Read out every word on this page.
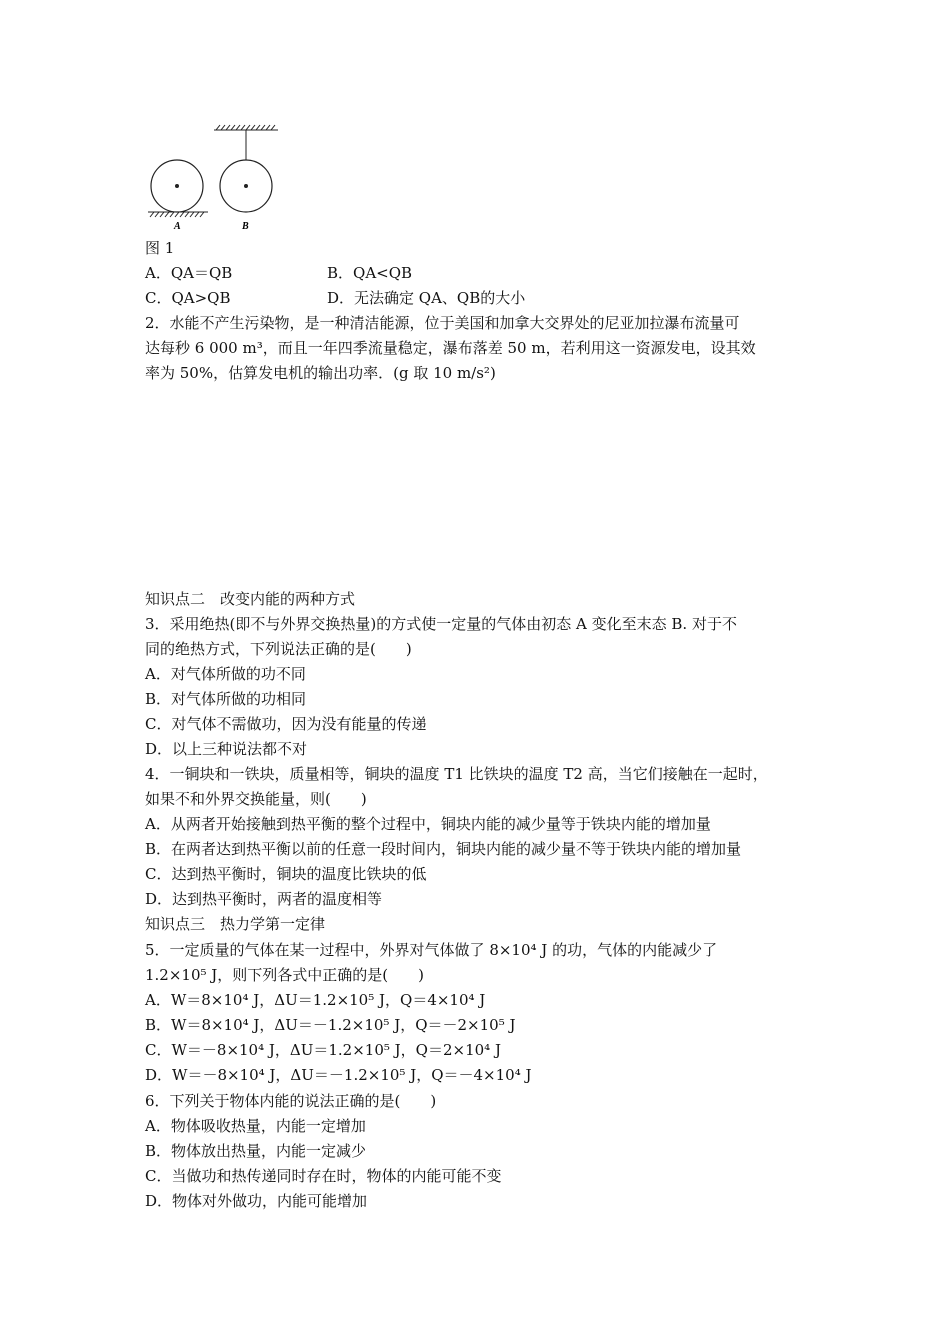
A	B
图 1
A．QA＝QB	B．QA<QB
C．QA>QB	D．无法确定 QA、QB的大小
2．水能不产生污染物，是一种清洁能源，位于美国和加拿大交界处的尼亚加拉瀑布流量可
达每秒 6 000 m³，而且一年四季流量稳定，瀑布落差 50 m，若利用这一资源发电，设其效
率为 50%，估算发电机的输出功率．(g 取 10 m/s²)
知识点二　改变内能的两种方式
3．采用绝热(即不与外界交换热量)的方式使一定量的气体由初态 A 变化至末态 B. 对于不
同的绝热方式，下列说法正确的是(　　)
A．对气体所做的功不同
B．对气体所做的功相同
C．对气体不需做功，因为没有能量的传递
D．以上三种说法都不对
4．一铜块和一铁块，质量相等，铜块的温度 T1 比铁块的温度 T2 高，当它们接触在一起时，
如果不和外界交换能量，则(　　)
A．从两者开始接触到热平衡的整个过程中，铜块内能的减少量等于铁块内能的增加量
B．在两者达到热平衡以前的任意一段时间内，铜块内能的减少量不等于铁块内能的增加量
C．达到热平衡时，铜块的温度比铁块的低
D．达到热平衡时，两者的温度相等
知识点三　热力学第一定律
5．一定质量的气体在某一过程中，外界对气体做了 8×10⁴ J 的功，气体的内能减少了
1.2×10⁵ J，则下列各式中正确的是(　　)
A．W＝8×10⁴ J，ΔU＝1.2×10⁵ J，Q＝4×10⁴ J
B．W＝8×10⁴ J，ΔU＝－1.2×10⁵ J，Q＝－2×10⁵ J
C．W＝－8×10⁴ J，ΔU＝1.2×10⁵ J，Q＝2×10⁴ J
D．W＝－8×10⁴ J，ΔU＝－1.2×10⁵ J，Q＝－4×10⁴ J
6．下列关于物体内能的说法正确的是(　　)
A．物体吸收热量，内能一定增加
B．物体放出热量，内能一定减少
C．当做功和热传递同时存在时，物体的内能可能不变
D．物体对外做功，内能可能增加
